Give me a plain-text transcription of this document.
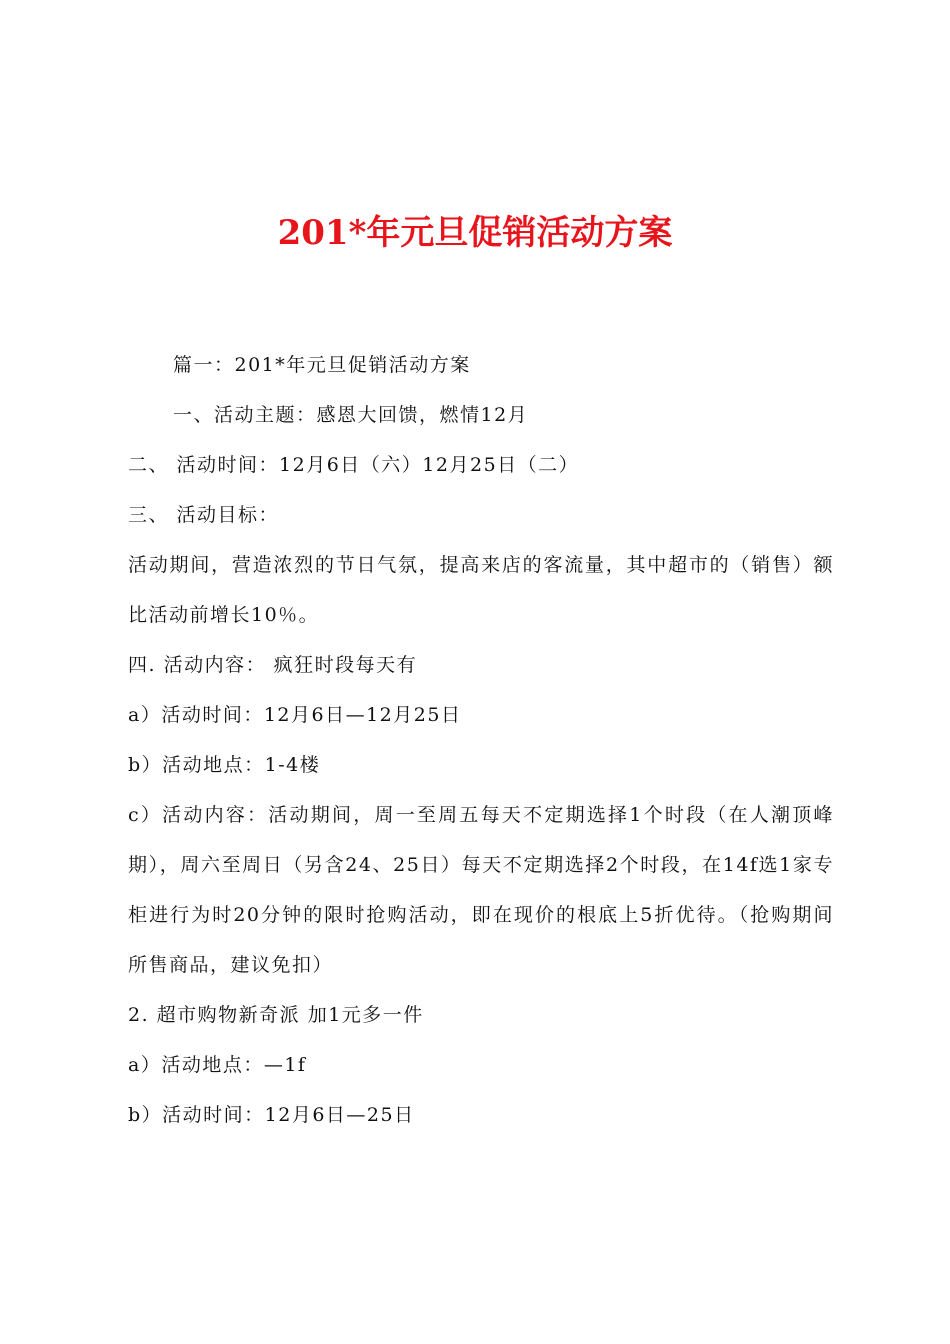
201*年元旦促销活动方案

篇一：201*年元旦促销活动方案

一、活动主题：感恩大回馈，燃情12月

二、 活动时间：12月6日（六）12月25日（二）

三、 活动目标：

活动期间，营造浓烈的节日气氛，提高来店的客流量，其中超市的（销售）额比活动前增长10％。

四. 活动内容： 疯狂时段每天有

a）活动时间：12月6日—12月25日

b）活动地点：1-4楼

c）活动内容：活动期间，周一至周五每天不定期选择1个时段（在人潮顶峰期），周六至周日（另含24、25日）每天不定期选择2个时段，在14f选1家专柜进行为时20分钟的限时抢购活动，即在现价的根底上5折优待。（抢购期间所售商品，建议免扣）

2. 超市购物新奇派 加1元多一件

a）活动地点：—1f

b）活动时间：12月6日—25日
